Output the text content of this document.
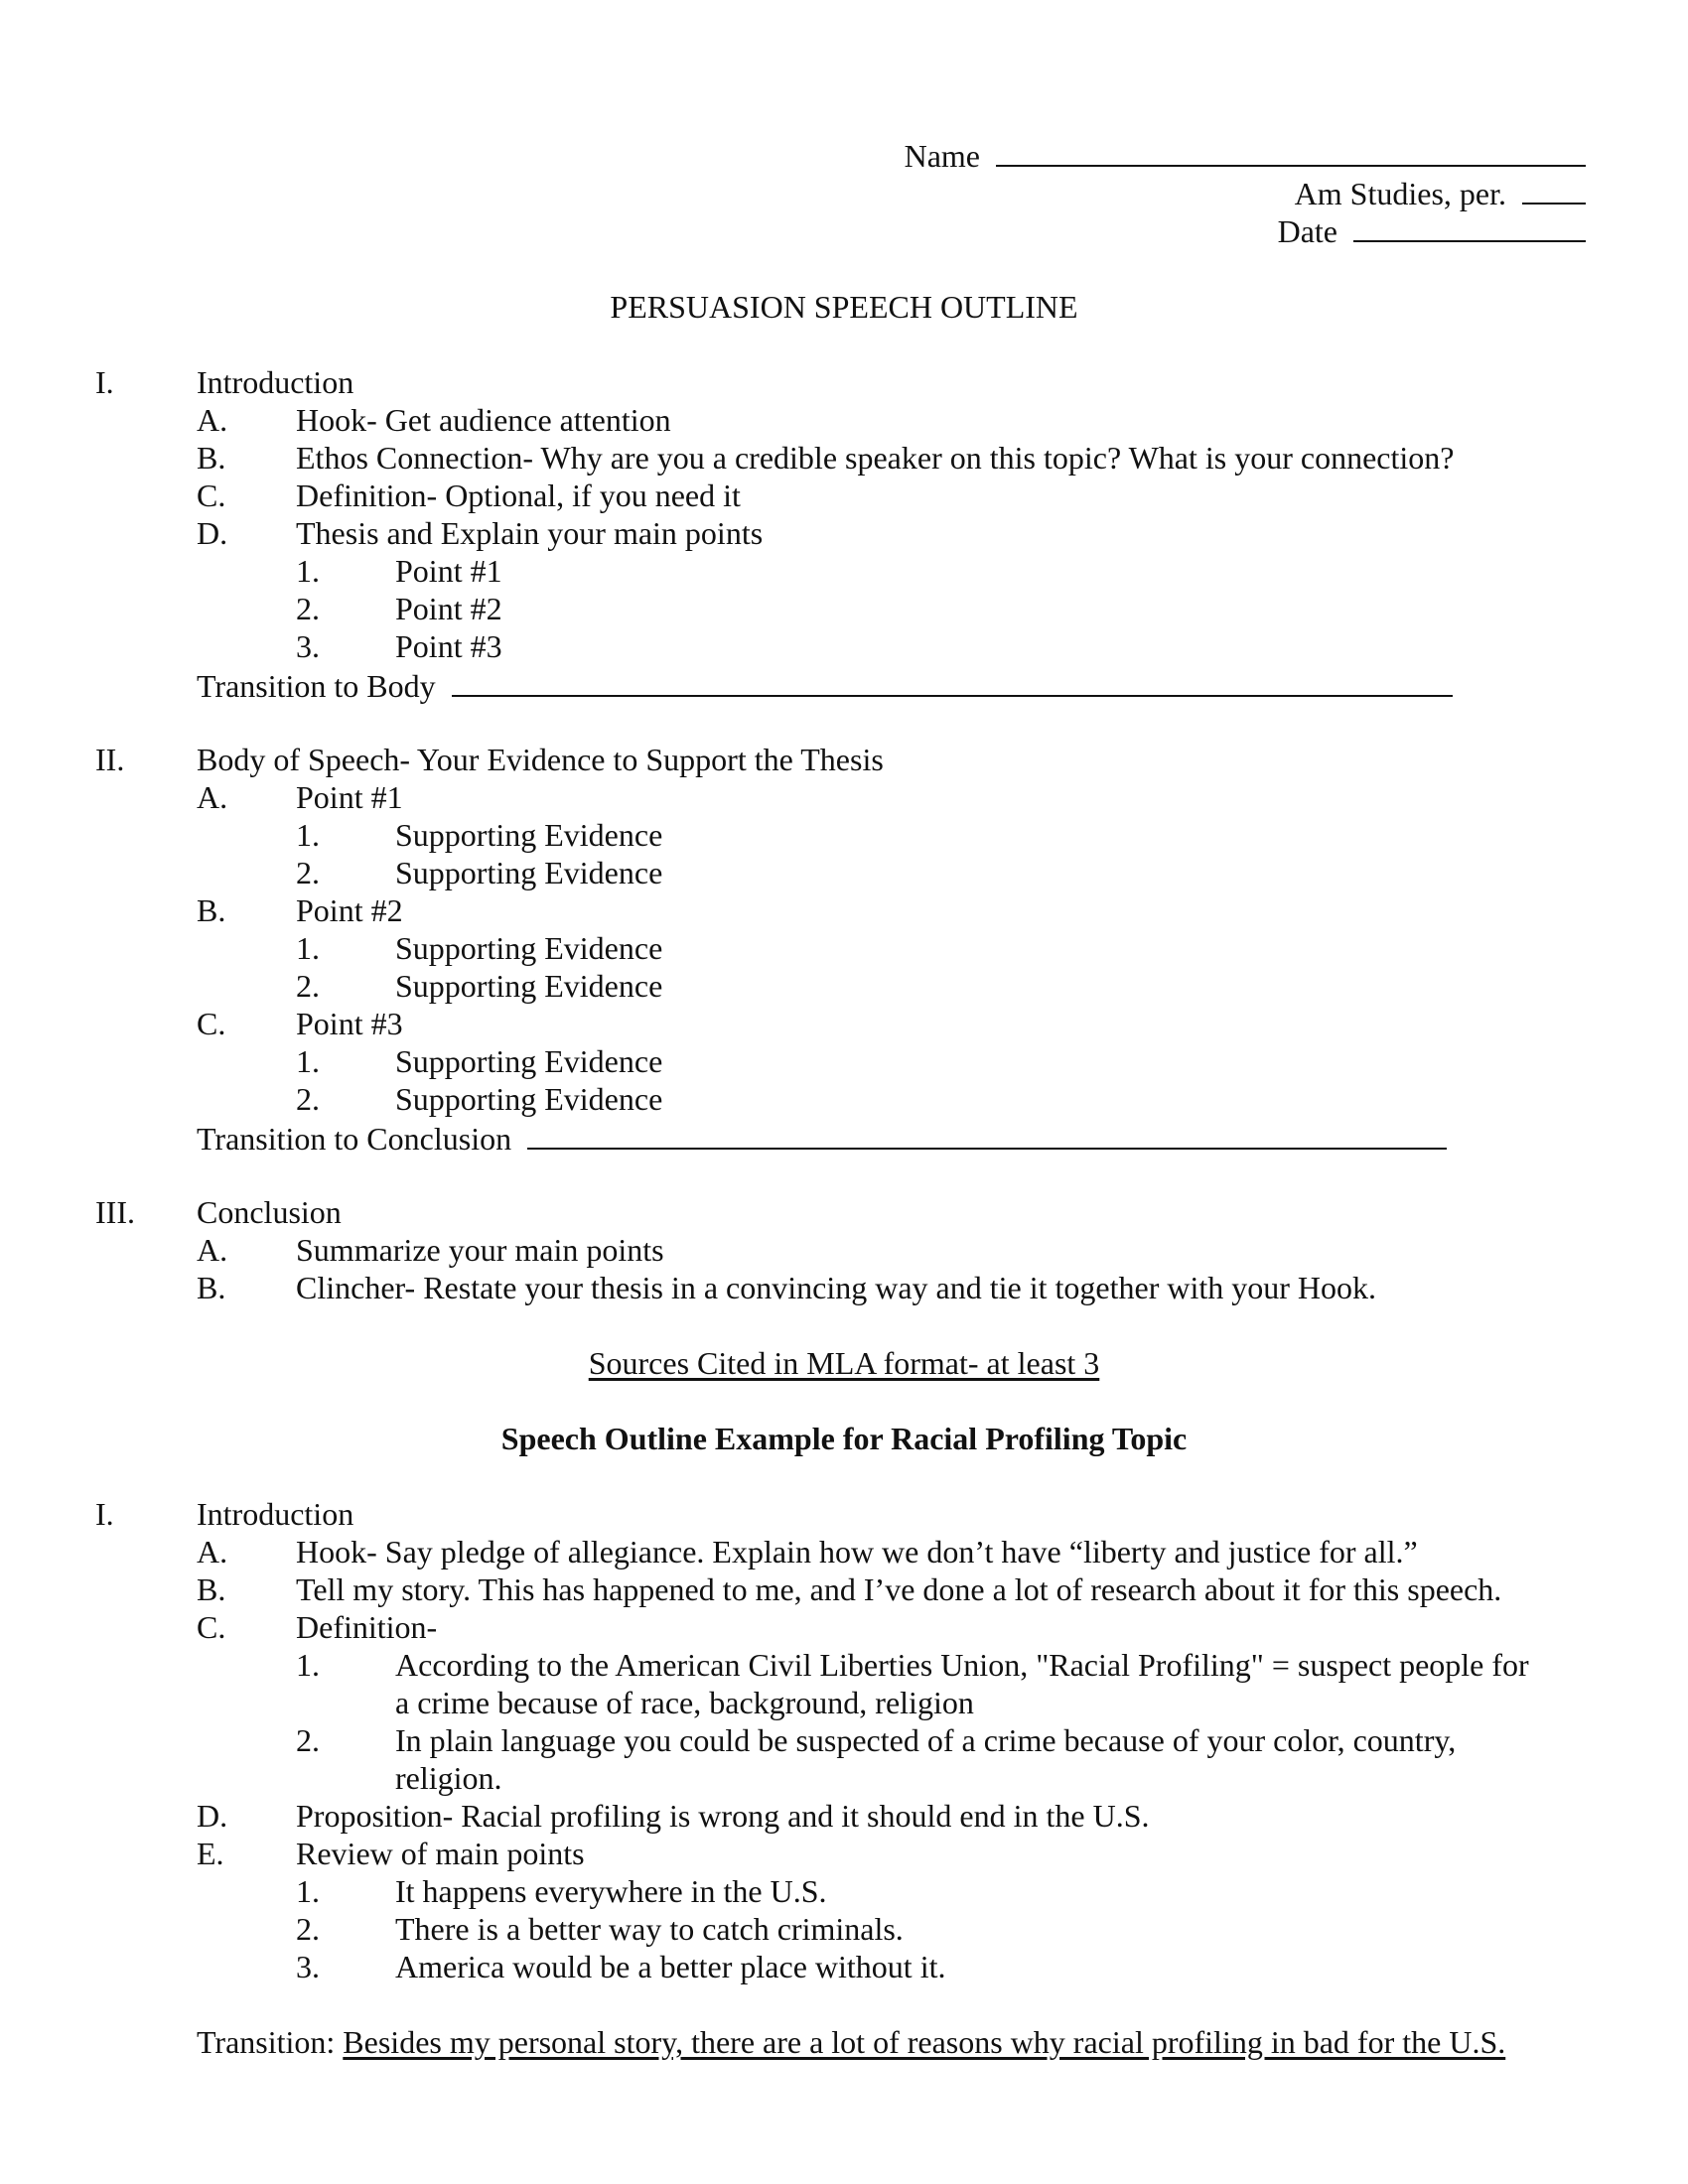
Name
Am Studies, per.
Date
PERSUASION SPEECH OUTLINE
I.	Introduction
A. Hook- Get audience attention
B. Ethos Connection- Why are you a credible speaker on this topic? What is your connection?
C. Definition- Optional, if you need it
D. Thesis and Explain your main points
1. Point #1
2. Point #2
3. Point #3
Transition to Body
II. Body of Speech- Your Evidence to Support the Thesis
A. Point #1
1. Supporting Evidence
2. Supporting Evidence
B. Point #2
1. Supporting Evidence
2. Supporting Evidence
C. Point #3
1. Supporting Evidence
2. Supporting Evidence
Transition to Conclusion
III. Conclusion
A. Summarize your main points
B. Clincher- Restate your thesis in a convincing way and tie it together with your Hook.
Sources Cited in MLA format- at least 3
Speech Outline Example for Racial Profiling Topic
I.	Introduction
A. Hook- Say pledge of allegiance. Explain how we don’t have “liberty and justice for all.”
B. Tell my story. This has happened to me, and I’ve done a lot of research about it for this speech.
C. Definition-
1. According to the American Civil Liberties Union, "Racial Profiling" = suspect people for
a crime because of race, background, religion
2. In plain language you could be suspected of a crime because of your color, country,
religion.
D. Proposition- Racial profiling is wrong and it should end in the U.S.
E. Review of main points
1. It happens everywhere in the U.S.
2. There is a better way to catch criminals.
3. America would be a better place without it.
Transition: Besides my personal story, there are a lot of reasons why racial profiling in bad for the U.S.
